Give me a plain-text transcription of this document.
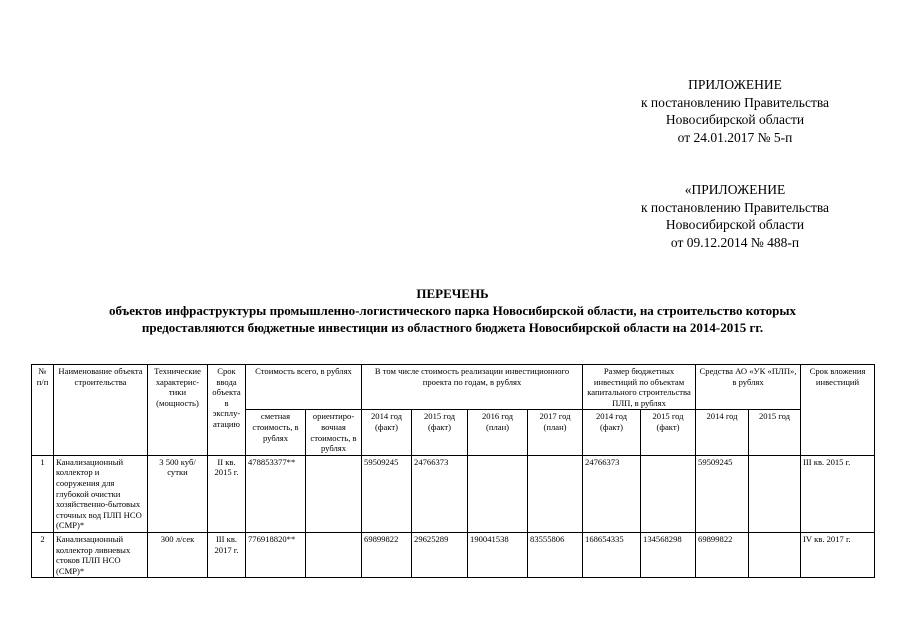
ПРИЛОЖЕНИЕ
к постановлению Правительства
Новосибирской области
от 24.01.2017 № 5-п
«ПРИЛОЖЕНИЕ
к постановлению Правительства
Новосибирской области
от 09.12.2014 № 488-п
ПЕРЕЧЕНЬ
объектов инфраструктуры промышленно-логистического парка Новосибирской области, на строительство которых
предоставляются бюджетные инвестиции из областного бюджета Новосибирской области на 2014-2015 гг.
№ п/п	Наименование объекта строительства	Технические характерис-тики (мощность)	Срок ввода объекта в эксплу-атацию	Стоимость всего, в рублях		В том числе стоимость реализации инвестиционного проекта по годам, в рублях				Размер бюджетных инвестиций по объектам капитального строительства ПЛП, в рублях		Средства АО «УК «ПЛП», в рублях		Срок вложения инвестиций
				сметная стоимость, в рублях	ориентиро-вочная стоимость, в рублях	2014 год (факт)	2015 год (факт)	2016 год (план)	2017 год (план)	2014 год (факт)	2015 год (факт)	2014 год	2015 год	
1	Канализационный коллектор и сооружения для глубокой очистки хозяйственно-бытовых сточных вод ПЛП НСО (СМР)*	3 500 куб/ сутки	II кв. 2015 г.	478853377**		59509245	24766373			24766373		59509245		III кв. 2015 г.
2	Канализационный коллектор ливневых стоков ПЛП НСО (СМР)*	300 л/сек	III кв. 2017 г.	776918820**		69899822	29625289	190041538	83555806	168654335	134568298	69899822		IV кв. 2017 г.
